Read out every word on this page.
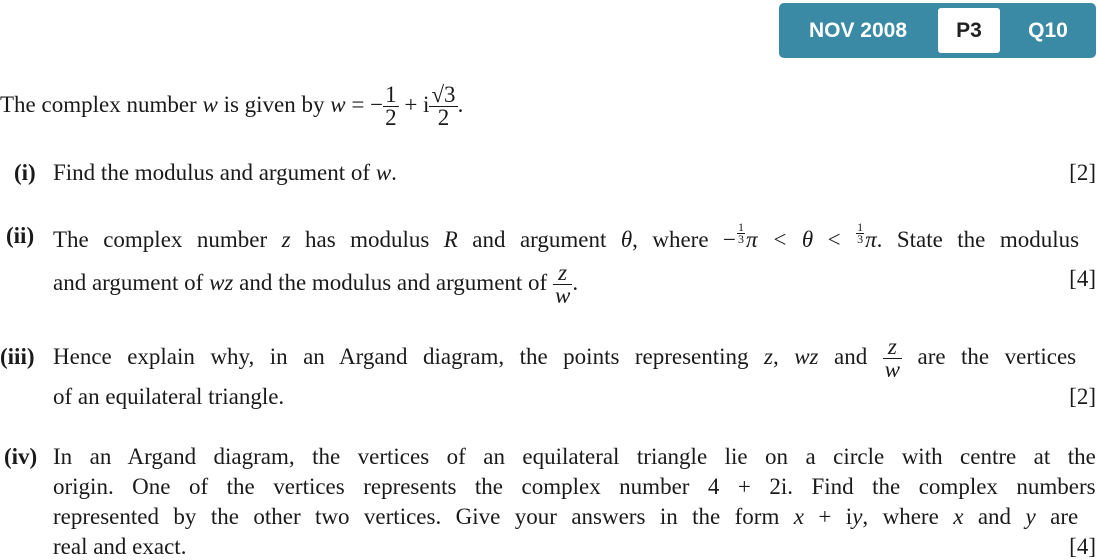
NOV 2008	P3	Q10
The complex number w is given by w = − $\frac{1}{2} + i \frac{√3}{2}$ .
(i) Find the modulus and argument of w.	[2]
(ii) The complex number z has modulus R and argument θ, where − $\frac{1}{3}$ $\pi < \theta < \frac{1}{3} \pi$. State the modulus
and argument of wz and the modulus and argument of $\frac{z}{w}$ .	[4]
(iii) Hence explain why, in an Argand diagram, the points representing z, wz and $\frac{z}{w}$ are the vertices
of an equilateral triangle.	[2]
(iv) In an Argand diagram, the vertices of an equilateral triangle lie on a circle with centre at the
origin. One of the vertices represents the complex number 4 + 2i. Find the complex numbers
represented by the other two vertices. Give your answers in the form x + iy, where x and y are
real and exact.	[4]
